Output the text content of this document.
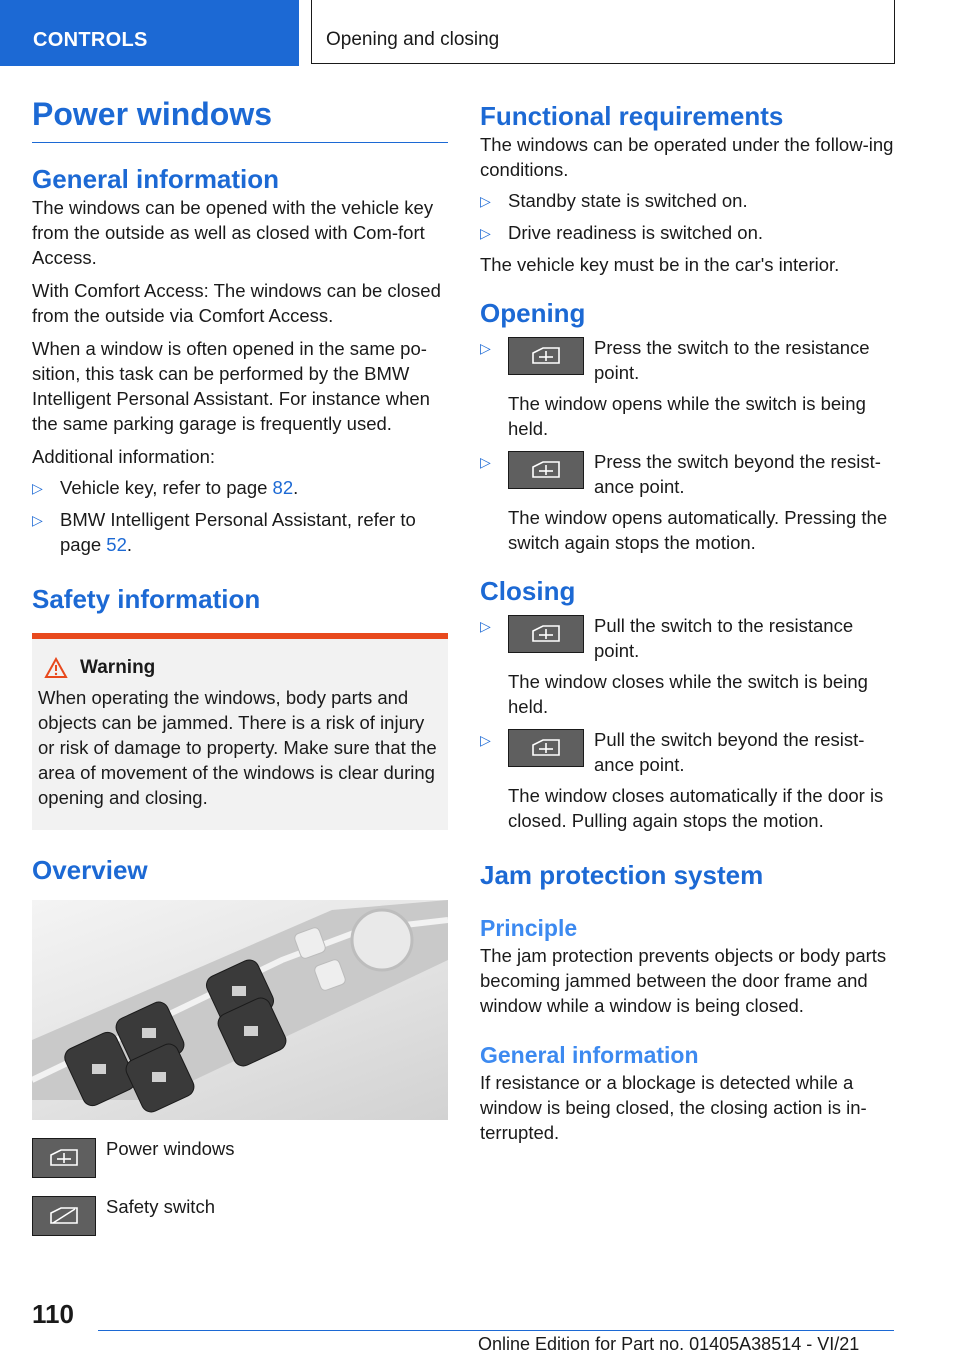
CONTROLS	Opening and closing
Power windows
General information

The windows can be opened with the vehicle key from the outside as well as closed with Com‐fort Access.

With Comfort Access: The windows can be closed from the outside via Comfort Access.

When a window is often opened in the same po‐sition, this task can be performed by the BMW Intelligent Personal Assistant. For instance when the same parking garage is frequently used.

Additional information:

▷ Vehicle key, refer to page 82.
▷ BMW Intelligent Personal Assistant, refer to page 52.
Safety information
Warning

When operating the windows, body parts and objects can be jammed. There is a risk of injury or risk of damage to property. Make sure that the area of movement of the windows is clear during opening and closing.

Overview

Power windows

Safety switch

Functional requirements

The windows can be operated under the follow‐ing conditions.

▷ Standby state is switched on.
▷ Drive readiness is switched on.

The vehicle key must be in the car's interior.

Opening
▷	Press the switch to the resistance point.

The window opens while the switch is being held.

▷	Press the switch beyond the resist‐ance point.

The window opens automatically. Pressing the switch again stops the motion.

Closing
▷	Pull the switch to the resistance point.

The window closes while the switch is being held.

▷	Pull the switch beyond the resist‐ance point.

The window closes automatically if the door is closed. Pulling again stops the motion.

Jam protection system
Principle

The jam protection prevents objects or body parts becoming jammed between the door frame and window while a window is being closed.

General information

If resistance or a blockage is detected while a window is being closed, the closing action is in‐terrupted.

110
Online Edition for Part no. 01405A38514 - VI/21
